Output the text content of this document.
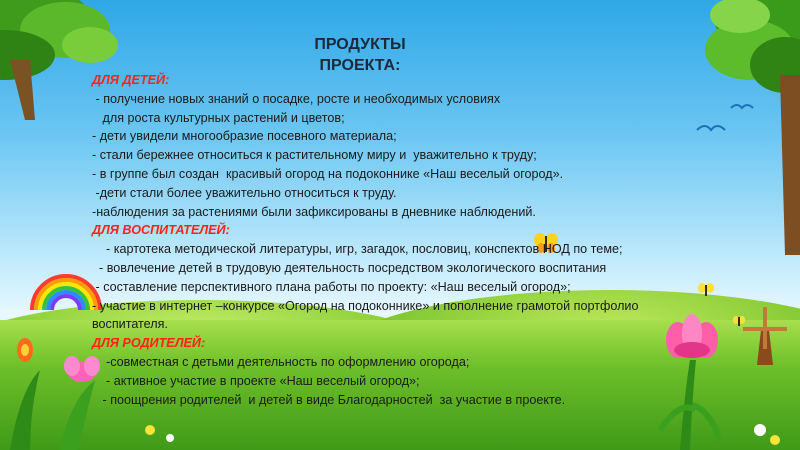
ПРОДУКТЫ
ПРОЕКТА:
ДЛЯ ДЕТЕЙ:
- получение новых знаний о посадке, росте и необходимых условиях
для роста культурных растений и цветов;
- дети увидели многообразие посевного материала;
- стали бережнее относиться к растительному миру и  уважительно к труду;
- в группе был создан  красивый огород на подоконнике «Наш веселый огород».
-дети стали более уважительно относиться к труду.
-наблюдения за растениями были зафиксированы в дневнике наблюдений.
ДЛЯ ВОСПИТАТЕЛЕЙ:
- картотека методической литературы, игр, загадок, пословиц, конспектов НОД по теме;
- вовлечение детей в трудовую деятельность посредством экологического воспитания
- составление перспективного плана работы по проекту: «Наш веселый огород»;
- участие в интернет –конкурсе «Огород на подоконнике» и пополнение грамотой портфолио
воспитателя.
ДЛЯ РОДИТЕЛЕЙ:
-совместная с детьми деятельность по оформлению огорода;
- активное участие в проекте «Наш веселый огород»;
- поощрения родителей  и детей в виде Благодарностей  за участие в проекте.
